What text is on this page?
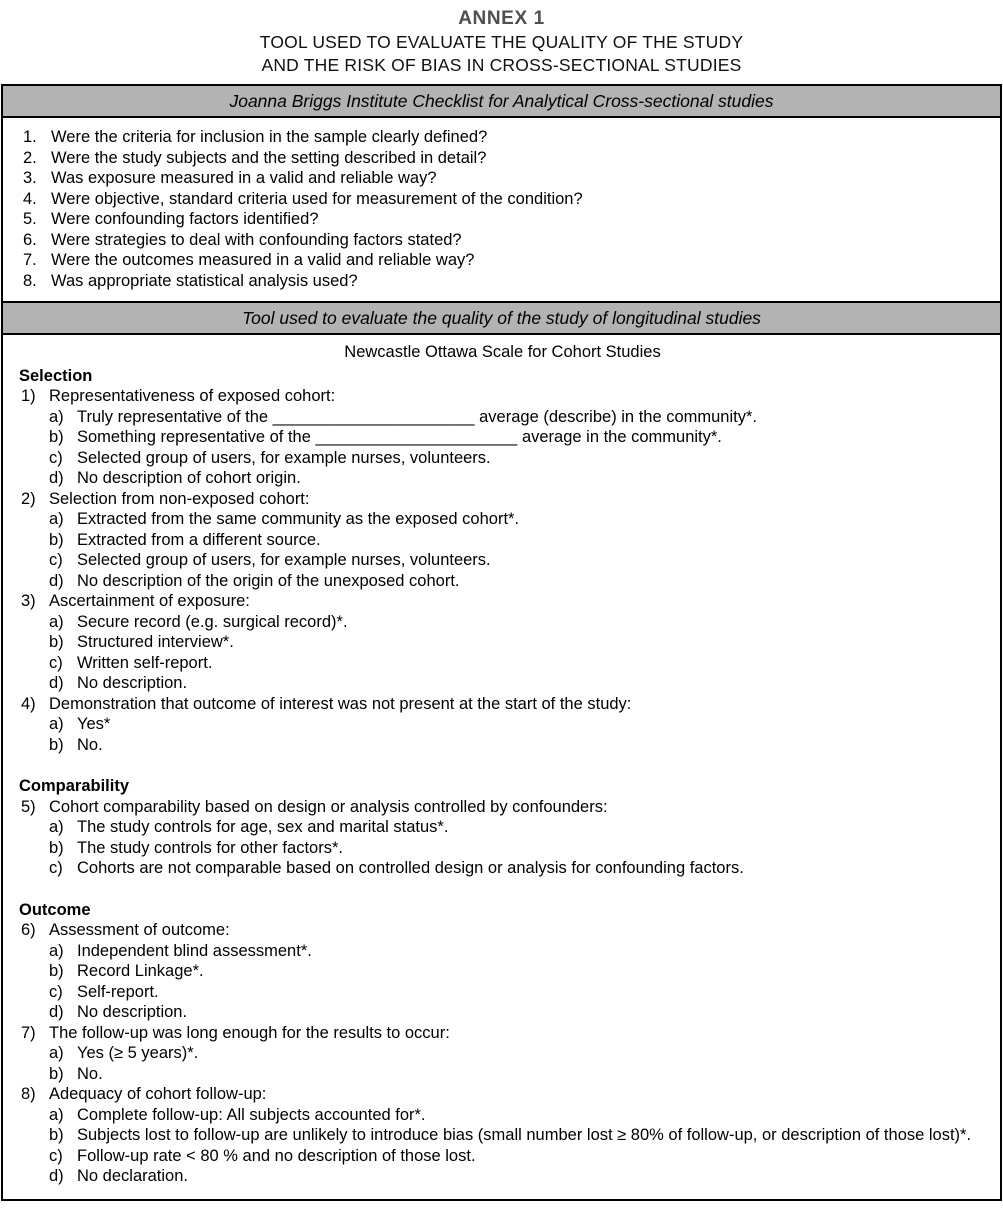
ANNEX 1
TOOL USED TO EVALUATE THE QUALITY OF THE STUDY
AND THE RISK OF BIAS IN CROSS-SECTIONAL STUDIES
Joanna Briggs Institute Checklist for Analytical Cross-sectional studies
1. Were the criteria for inclusion in the sample clearly defined?
2. Were the study subjects and the setting described in detail?
3. Was exposure measured in a valid and reliable way?
4. Were objective, standard criteria used for measurement of the condition?
5. Were confounding factors identified?
6. Were strategies to deal with confounding factors stated?
7. Were the outcomes measured in a valid and reliable way?
8. Was appropriate statistical analysis used?
Tool used to evaluate the quality of the study of longitudinal studies
Newcastle Ottawa Scale for Cohort Studies
Selection
1) Representativeness of exposed cohort:
a) Truly representative of the ______________________ average (describe) in the community*.
b) Something representative of the ______________________ average in the community*.
c) Selected group of users, for example nurses, volunteers.
d) No description of cohort origin.
2) Selection from non-exposed cohort:
a) Extracted from the same community as the exposed cohort*.
b) Extracted from a different source.
c) Selected group of users, for example nurses, volunteers.
d) No description of the origin of the unexposed cohort.
3) Ascertainment of exposure:
a) Secure record (e.g. surgical record)*.
b) Structured interview*.
c) Written self-report.
d) No description.
4) Demonstration that outcome of interest was not present at the start of the study:
a) Yes*
b) No.
Comparability
5) Cohort comparability based on design or analysis controlled by confounders:
a) The study controls for age, sex and marital status*.
b) The study controls for other factors*.
c) Cohorts are not comparable based on controlled design or analysis for confounding factors.
Outcome
6) Assessment of outcome:
a) Independent blind assessment*.
b) Record Linkage*.
c) Self-report.
d) No description.
7) The follow-up was long enough for the results to occur:
a) Yes (≥ 5 years)*.
b) No.
8) Adequacy of cohort follow-up:
a) Complete follow-up: All subjects accounted for*.
b) Subjects lost to follow-up are unlikely to introduce bias (small number lost ≥ 80% of follow-up, or description of those lost)*.
c) Follow-up rate < 80 % and no description of those lost.
d) No declaration.
